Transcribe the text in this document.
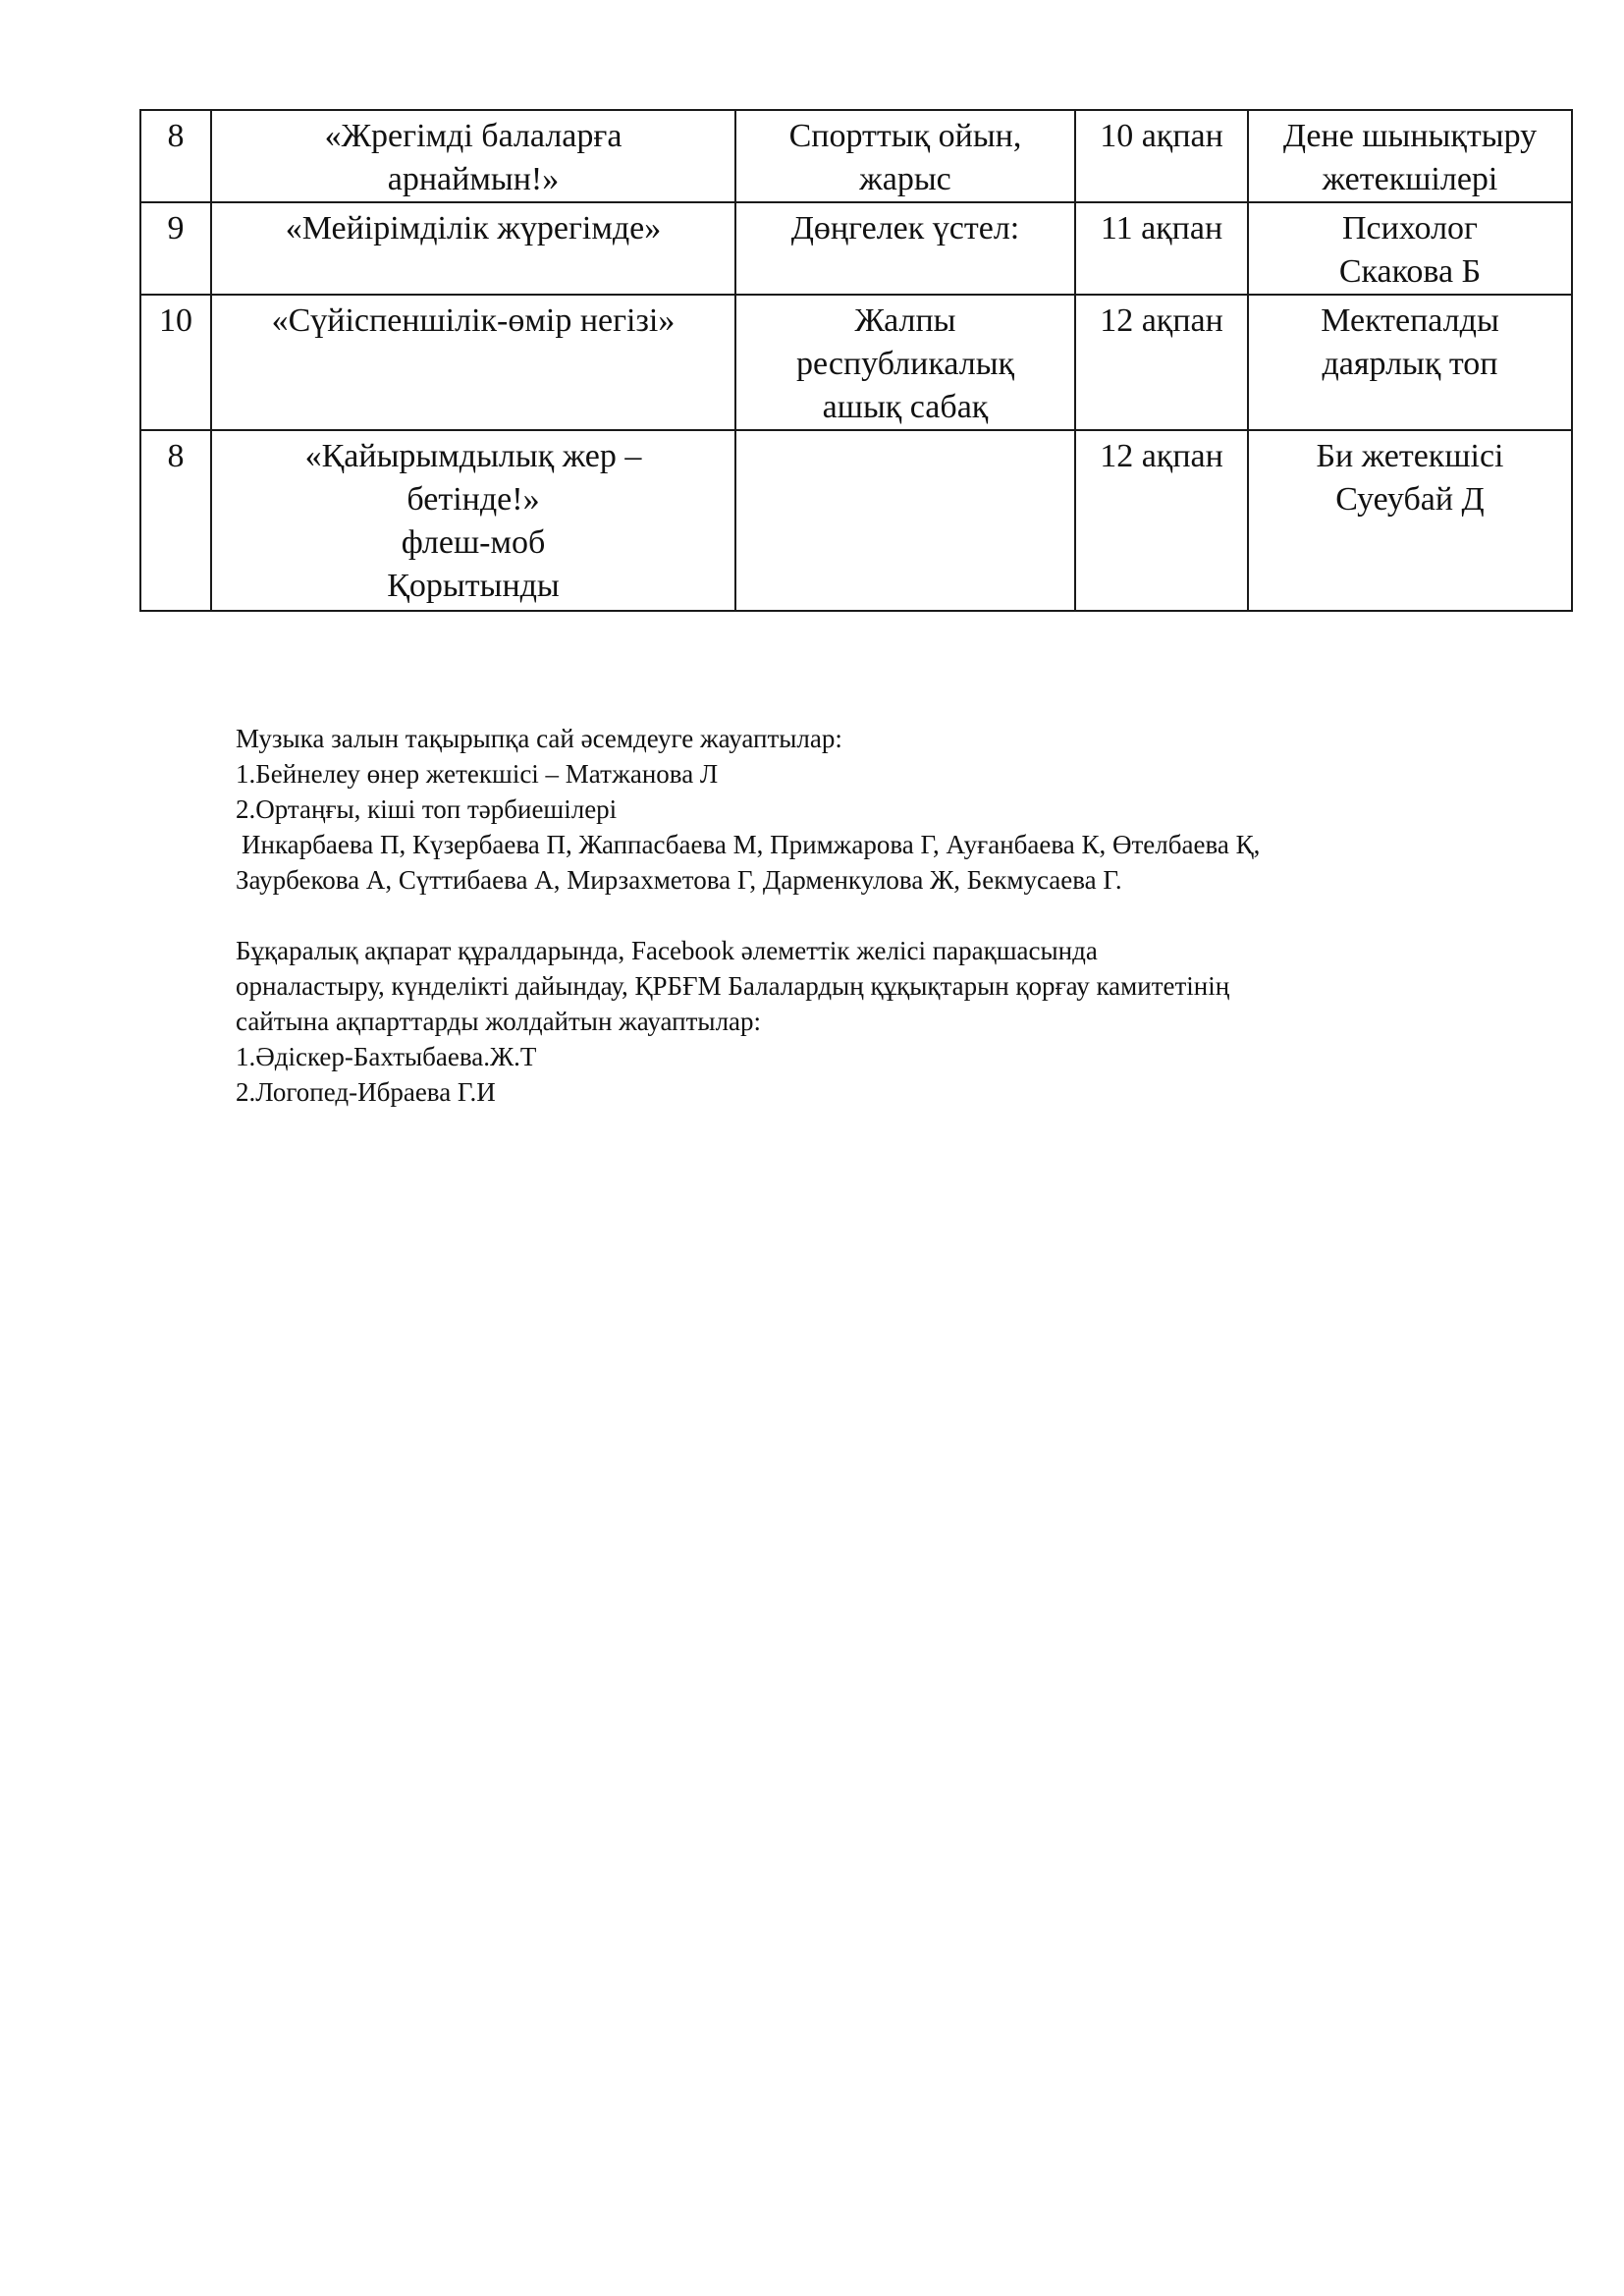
8	«Жрегімді балаларға
арнаймын!»	Спорттық ойын,
жарыс	10 ақпан	Дене шынықтыру
жетекшілері

9	«Мейірімділік жүрегімде»	Дөңгелек үстел:	11 ақпан	Психолог
Скакова Б

10	«Сүйіспеншілік-өмір негізі»	Жалпы
республикалық
ашық сабақ	12 ақпан	Мектепалды
даярлық топ

8	«Қайырымдылық жер –
бетінде!»
флеш-моб
Қорытынды		12 ақпан	Би жетекшісі
Суеубай Д

Музыка залын тақырыпқа сай әсемдеуге жауаптылар:

1.Бейнелеу өнер жетекшісі – Матжанова Л

2.Ортаңғы, кіші топ тәрбиешілері

Инкарбаева П, Күзербаева П, Жаппасбаева М, Примжарова Г, Ауғанбаева К, Өтелбаева Қ,

Заурбекова А, Сүттибаева А, Мирзахметова Г, Дарменкулова Ж, Бекмусаева Г.

Бұқаралық ақпарат құралдарында, Facebook әлеметтік желісі парақшасында

орналастыру, күнделікті дайындау, ҚРБҒМ Балалардың құқықтарын қорғау камитетінің

сайтына ақпарттарды жолдайтын жауаптылар:

1.Әдіскер-Бахтыбаева.Ж.Т

2.Логопед-Ибраева Г.И
